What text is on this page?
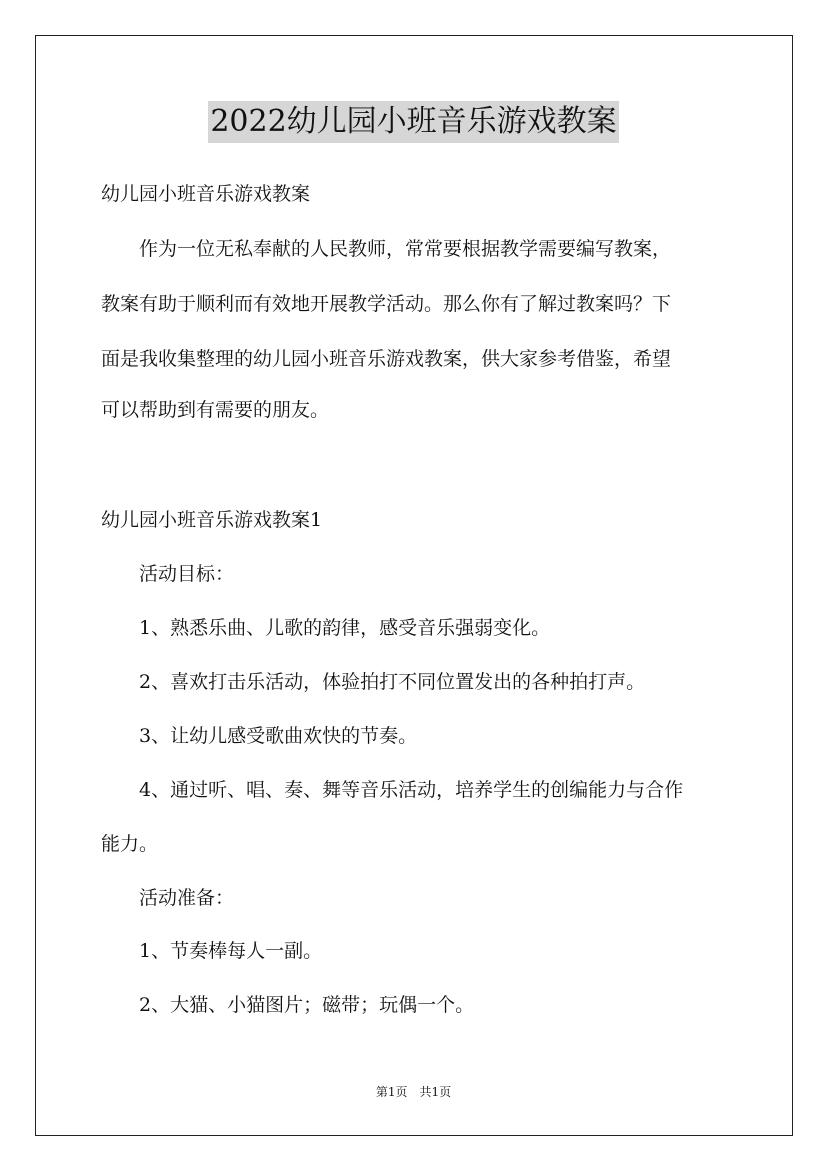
2022幼儿园小班音乐游戏教案
幼儿园小班音乐游戏教案
　　作为一位无私奉献的人民教师，常常要根据教学需要编写教案，
教案有助于顺利而有效地开展教学活动。那么你有了解过教案吗？下
面是我收集整理的幼儿园小班音乐游戏教案，供大家参考借鉴，希望
可以帮助到有需要的朋友。
幼儿园小班音乐游戏教案1
　　活动目标：
　　1、熟悉乐曲、儿歌的韵律，感受音乐强弱变化。
　　2、喜欢打击乐活动，体验拍打不同位置发出的各种拍打声。
　　3、让幼儿感受歌曲欢快的节奏。
　　4、通过听、唱、奏、舞等音乐活动，培养学生的创编能力与合作
能力。
　　活动准备：
　　1、节奏棒每人一副。
　　2、大猫、小猫图片；磁带；玩偶一个。
第1页　共1页
